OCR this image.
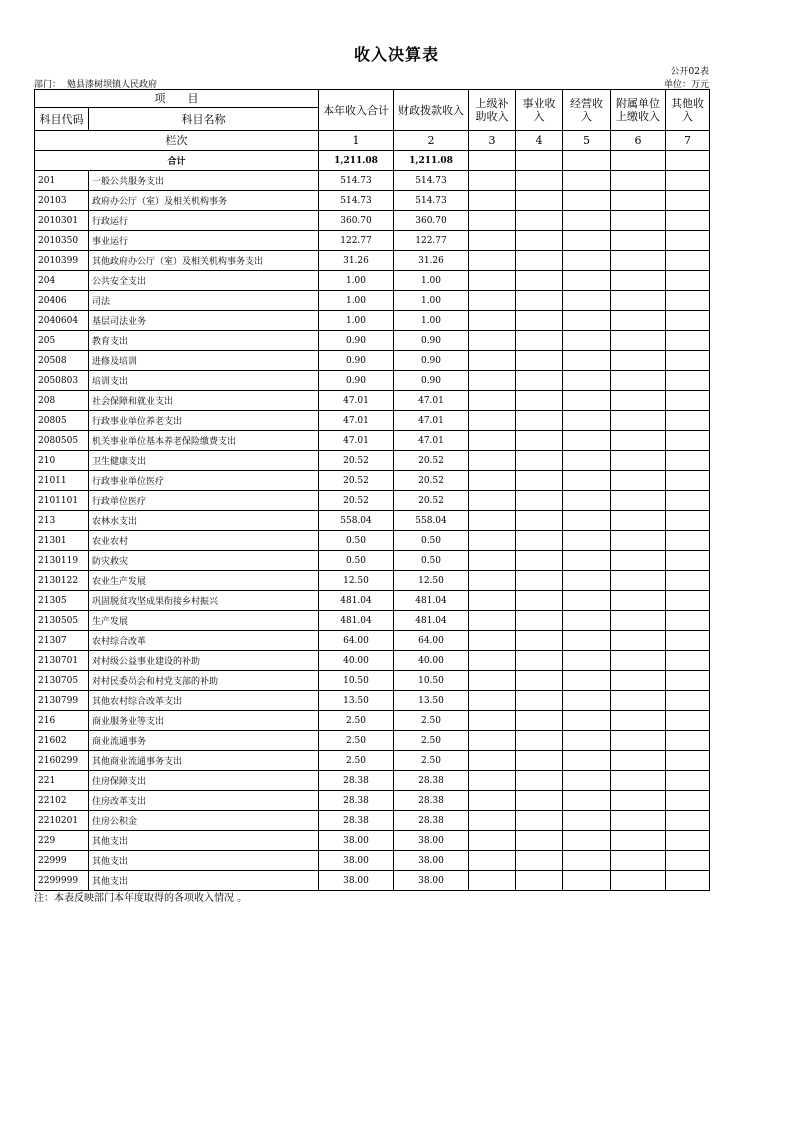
收入决算表
公开02表
部门： 勉县漆树坝镇人民政府	单位：万元
项　　目		本年收入合计	财政拨款收入	上级补助收入	事业收入	经营收入	附属单位上缴收入	其他收入
科目代码	科目名称							
栏次		1	2	3	4	5	6	7
合计		1,211.08	1,211.08					
201	一般公共服务支出	514.73	514.73					
20103	政府办公厅（室）及相关机构事务	514.73	514.73					
2010301	行政运行	360.70	360.70					
2010350	事业运行	122.77	122.77					
2010399	其他政府办公厅（室）及相关机构事务支出	31.26	31.26					
204	公共安全支出	1.00	1.00					
20406	司法	1.00	1.00					
2040604	基层司法业务	1.00	1.00					
205	教育支出	0.90	0.90					
20508	进修及培训	0.90	0.90					
2050803	培训支出	0.90	0.90					
208	社会保障和就业支出	47.01	47.01					
20805	行政事业单位养老支出	47.01	47.01					
2080505	机关事业单位基本养老保险缴费支出	47.01	47.01					
210	卫生健康支出	20.52	20.52					
21011	行政事业单位医疗	20.52	20.52					
2101101	行政单位医疗	20.52	20.52					
213	农林水支出	558.04	558.04					
21301	农业农村	0.50	0.50					
2130119	防灾救灾	0.50	0.50					
2130122	农业生产发展	12.50	12.50					
21305	巩固脱贫攻坚成果衔接乡村振兴	481.04	481.04					
2130505	生产发展	481.04	481.04					
21307	农村综合改革	64.00	64.00					
2130701	对村级公益事业建设的补助	40.00	40.00					
2130705	对村民委员会和村党支部的补助	10.50	10.50					
2130799	其他农村综合改革支出	13.50	13.50					
216	商业服务业等支出	2.50	2.50					
21602	商业流通事务	2.50	2.50					
2160299	其他商业流通事务支出	2.50	2.50					
221	住房保障支出	28.38	28.38					
22102	住房改革支出	28.38	28.38					
2210201	住房公积金	28.38	28.38					
229	其他支出	38.00	38.00					
22999	其他支出	38.00	38.00					
2299999	其他支出	38.00	38.00					
注：本表反映部门本年度取得的各项收入情况 。
